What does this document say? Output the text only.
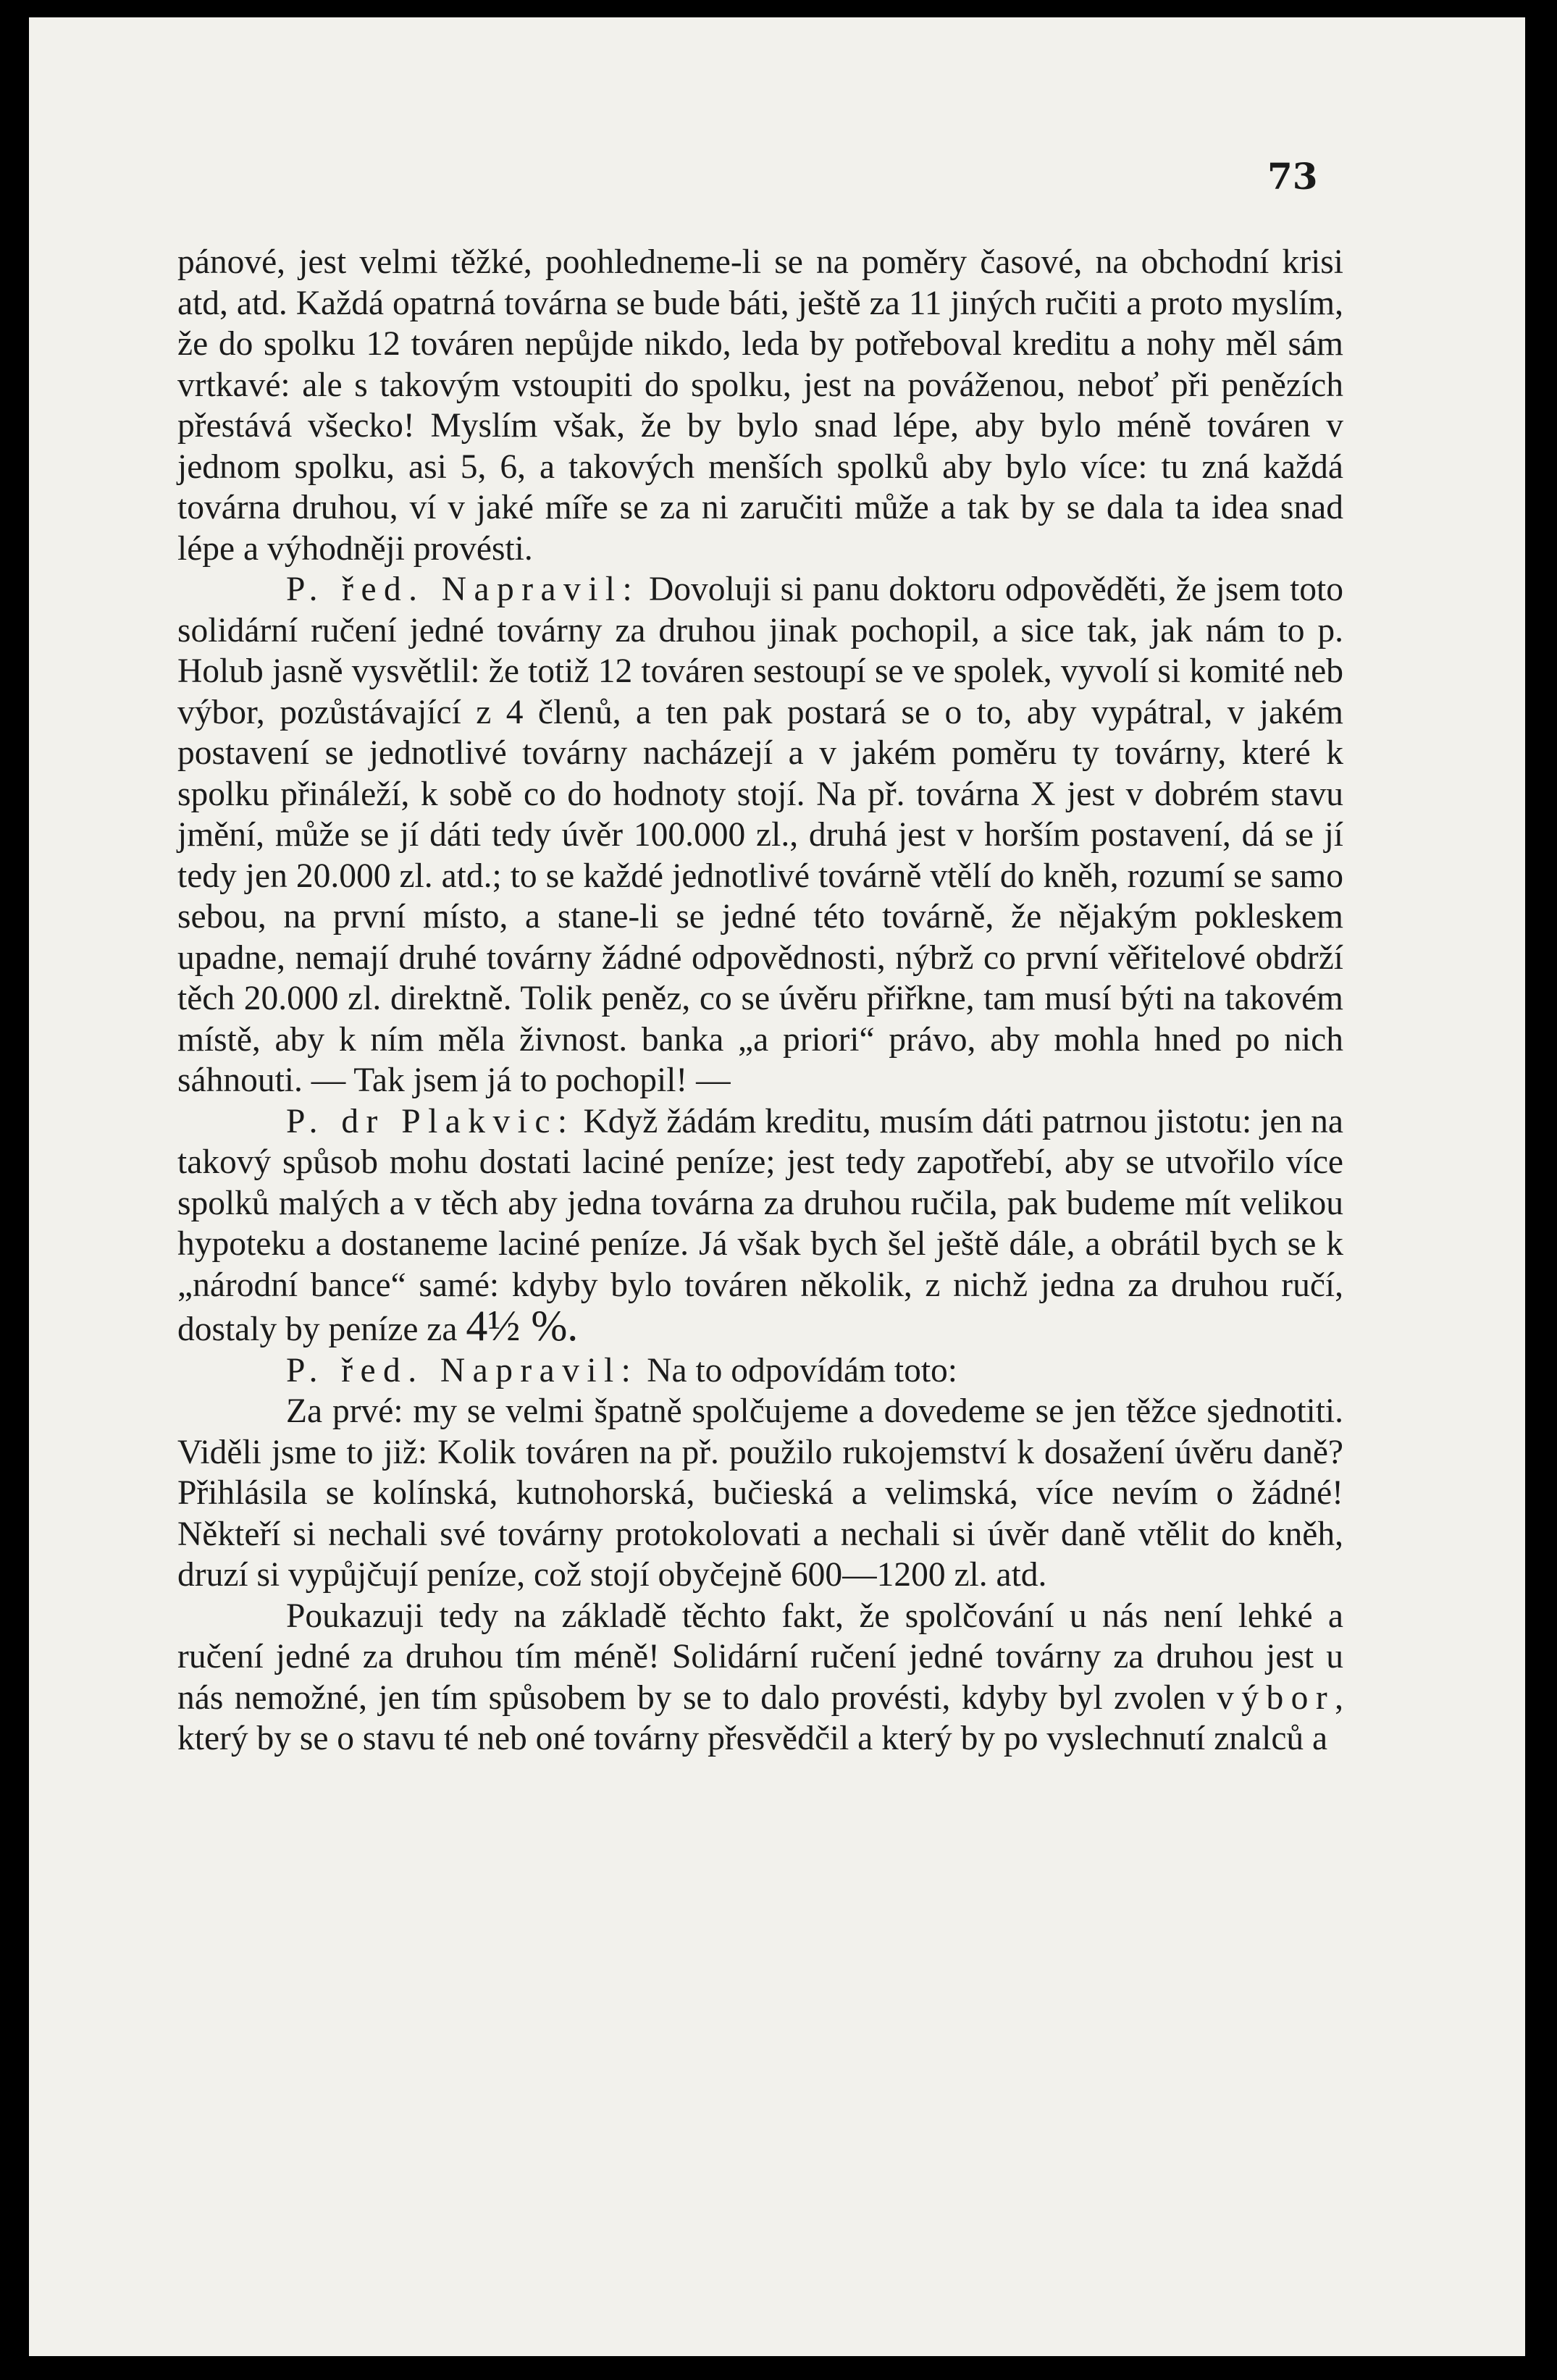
73

pánové, jest velmi těžké, poohledneme-li se na poměry časové, na obchodní krisi atd, atd. Každá opatrná továrna se bude báti, ještě za 11 jiných ručiti a proto myslím, že do spolku 12 továren nepůjde nikdo, leda by potřeboval kreditu a nohy měl sám vrtkavé: ale s takovým vstoupiti do spolku, jest na pováženou, neboť při penězích přestává všecko! Myslím však, že by bylo snad lépe, aby bylo méně továren v jednom spolku, asi 5, 6, a takových menších spolků aby bylo více: tu zná každá továrna druhou, ví v jaké míře se za ni zaručiti může a tak by se dala ta idea snad lépe a výhodněji provésti.

P. řed. Napravil: Dovoluji si panu doktoru odpověděti, že jsem toto solidární ručení jedné továrny za druhou jinak pochopil, a sice tak, jak nám to p. Holub jasně vysvětlil: že totiž 12 továren sestoupí se ve spolek, vyvolí si komité neb výbor, pozůstávající z 4 členů, a ten pak postará se o to, aby vypátral, v jakém postavení se jednotlivé továrny nacházejí a v jakém poměru ty továrny, které k spolku přináleží, k sobě co do hodnoty stojí. Na př. továrna X jest v dobrém stavu jmění, může se jí dáti tedy úvěr 100.000 zl., druhá jest v horším postavení, dá se jí tedy jen 20.000 zl. atd.; to se každé jednotlivé továrně vtělí do kněh, rozumí se samo sebou, na první místo, a stane-li se jedné této továrně, že nějakým pokleskem upadne, nemají druhé továrny žádné odpovědnosti, nýbrž co první věřitelové obdrží těch 20.000 zl. direktně. Tolik peněz, co se úvěru přiřkne, tam musí býti na takovém místě, aby k ním měla živnost. banka „a priori“ právo, aby mohla hned po nich sáhnouti. — Tak jsem já to pochopil! —

P. dr Plakvic: Když žádám kreditu, musím dáti patrnou jistotu: jen na takový spůsob mohu dostati laciné peníze; jest tedy zapotřebí, aby se utvořilo více spolků malých a v těch aby jedna továrna za druhou ručila, pak budeme mít velikou hypoteku a dostaneme laciné peníze. Já však bych šel ještě dále, a obrátil bych se k „národní bance“ samé: kdyby bylo továren několik, z nichž jedna za druhou ručí, dostaly by peníze za 4½ %.

P. řed. Napravil: Na to odpovídám toto:

Za prvé: my se velmi špatně spolčujeme a dovedeme se jen těžce sjednotiti. Viděli jsme to již: Kolik továren na př. použilo rukojemství k dosažení úvěru daně? Přihlásila se kolínská, kutnohorská, bučieská a velimská, více nevím o žádné! Někteří si nechali své továrny protokolovati a nechali si úvěr daně vtělit do kněh, druzí si vypůjčují peníze, což stojí obyčejně 600—1200 zl. atd.

Poukazuji tedy na základě těchto fakt, že spolčování u nás není lehké a ručení jedné za druhou tím méně! Solidární ručení jedné továrny za druhou jest u nás nemožné, jen tím spůsobem by se to dalo provésti, kdyby byl zvolen výbor, který by se o stavu té neb oné továrny přesvědčil a který by po vyslechnutí znalců a
